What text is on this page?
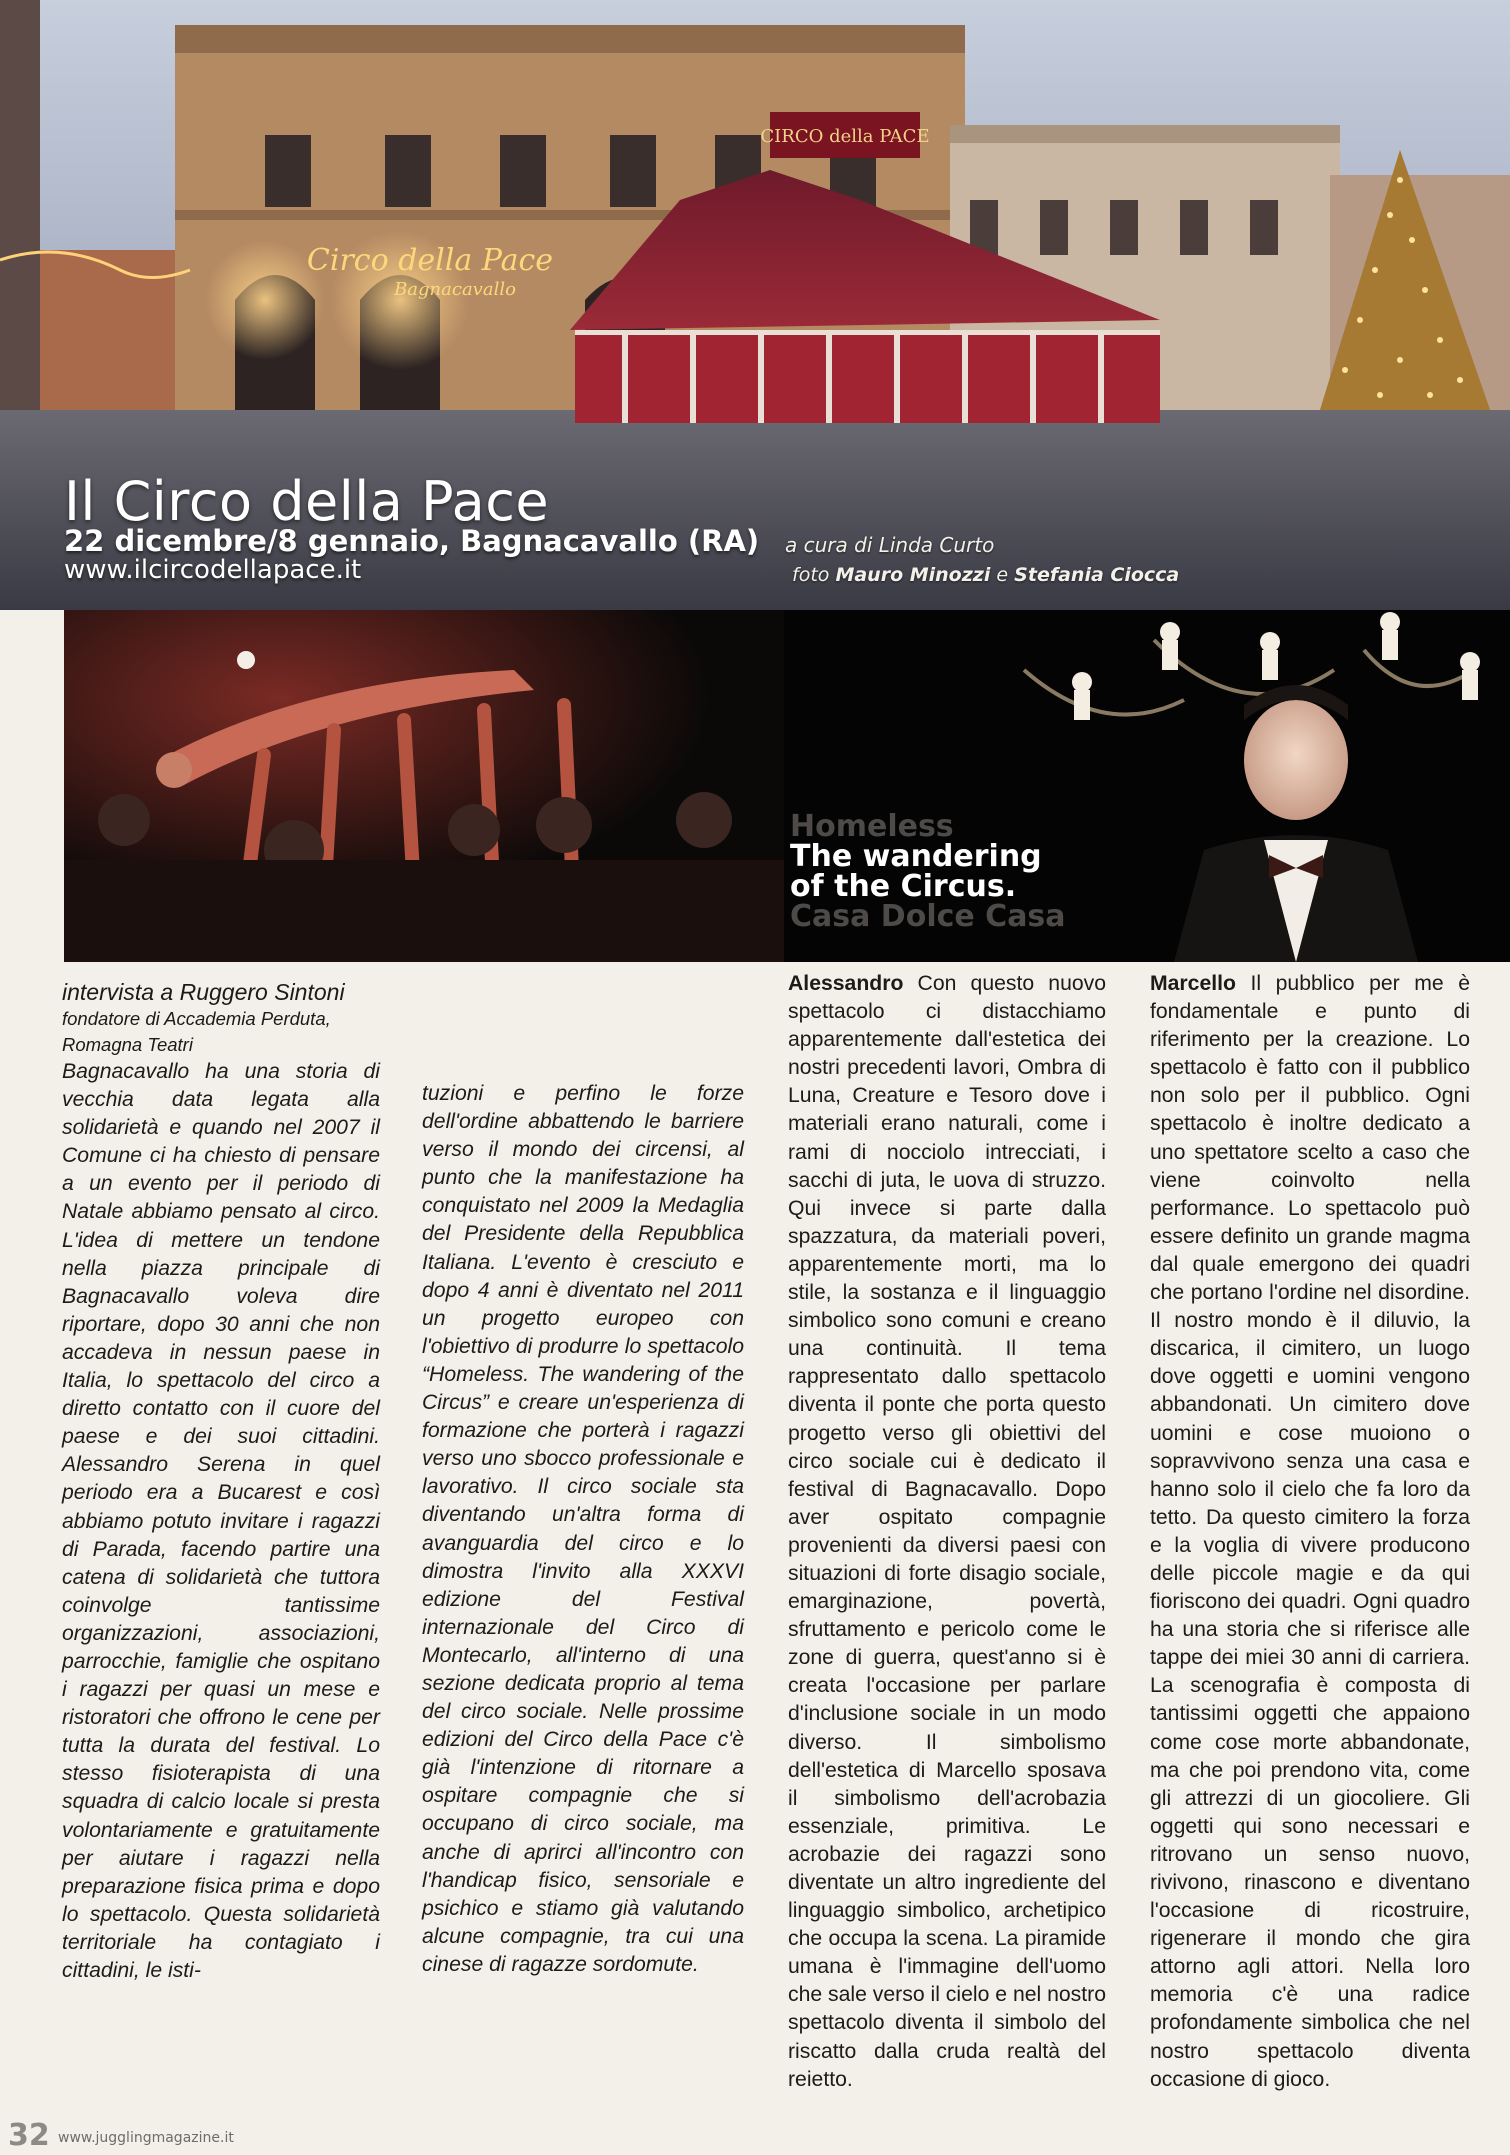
CIRCO della PACE
Circo della Pace
Bagnacavallo
Il Circo della Pace
22 dicembre/8 gennaio, Bagnacavallo (RA)
www.ilcircodellapace.it
a cura di Linda Curto
foto Mauro Minozzi e Stefania Ciocca
Homeless
The wandering
of the Circus.
Casa Dolce Casa

intervista a Ruggero Sintoni

fondatore di Accademia Perduta, Romagna Teatri

Bagnacavallo ha una storia di vecchia data legata alla solidarietà e quando nel 2007 il Comune ci ha chiesto di pensare a un evento per il periodo di Natale abbiamo pensato al circo. L'idea di mettere un tendone nella piazza principale di Bagnacavallo voleva dire riportare, dopo 30 anni che non accadeva in nessun paese in Italia, lo spettacolo del circo a diretto contatto con il cuore del paese e dei suoi cittadini. Alessandro Serena in quel periodo era a Bucarest e così abbiamo potuto invitare i ragazzi di Parada, facendo partire una catena di solidarietà che tuttora coinvolge tantissime organizzazioni, associazioni, parrocchie, famiglie che ospitano i ragazzi per quasi un mese e ristoratori che offrono le cene per tutta la durata del festival. Lo stesso fisioterapista di una squadra di calcio locale si presta volontariamente e gratuitamente per aiutare i ragazzi nella preparazione fisica prima e dopo lo spettacolo. Questa solidarietà territoriale ha contagiato i cittadini, le isti-

tuzioni e perfino le forze dell'ordine abbattendo le barriere verso il mondo dei circensi, al punto che la manifestazione ha conquistato nel 2009 la Medaglia del Presidente della Repubblica Italiana. L'evento è cresciuto e dopo 4 anni è diventato nel 2011 un progetto europeo con l'obiettivo di produrre lo spettacolo “Homeless. The wandering of the Circus” e creare un'esperienza di formazione che porterà i ragazzi verso uno sbocco professionale e lavorativo. Il circo sociale sta diventando un'altra forma di avanguardia del circo e lo dimostra l'invito alla XXXVI edizione del Festival internazionale del Circo di Montecarlo, all'interno di una sezione dedicata proprio al tema del circo sociale. Nelle prossime edizioni del Circo della Pace c'è già l'intenzione di ritornare a ospitare compagnie che si occupano di circo sociale, ma anche di aprirci all'incontro con l'handicap fisico, sensoriale e psichico e stiamo già valutando alcune compagnie, tra cui una cinese di ragazze sordomute.

Alessandro Con questo nuovo spettacolo ci distacchiamo apparentemente dall'estetica dei nostri precedenti lavori, Ombra di Luna, Creature e Tesoro dove i materiali erano naturali, come i rami di nocciolo intrecciati, i sacchi di juta, le uova di struzzo. Qui invece si parte dalla spazzatura, da materiali poveri, apparentemente morti, ma lo stile, la sostanza e il linguaggio simbolico sono comuni e creano una continuità. Il tema rappresentato dallo spettacolo diventa il ponte che porta questo progetto verso gli obiettivi del circo sociale cui è dedicato il festival di Bagnacavallo. Dopo aver ospitato compagnie provenienti da diversi paesi con situazioni di forte disagio sociale, emarginazione, povertà, sfruttamento e pericolo come le zone di guerra, quest'anno si è creata l'occasione per parlare d'inclusione sociale in un modo diverso. Il simbolismo dell'estetica di Marcello sposava il simbolismo dell'acrobazia essenziale, primitiva. Le acrobazie dei ragazzi sono diventate un altro ingrediente del linguaggio simbolico, archetipico che occupa la scena. La piramide umana è l'immagine dell'uomo che sale verso il cielo e nel nostro spettacolo diventa il simbolo del riscatto dalla cruda realtà del reietto.

Marcello Il pubblico per me è fondamentale e punto di riferimento per la creazione. Lo spettacolo è fatto con il pubblico non solo per il pubblico. Ogni spettacolo è inoltre dedicato a uno spettatore scelto a caso che viene coinvolto nella performance. Lo spettacolo può essere definito un grande magma dal quale emergono dei quadri che portano l'ordine nel disordine. Il nostro mondo è il diluvio, la discarica, il cimitero, un luogo dove oggetti e uomini vengono abbandonati. Un cimitero dove uomini e cose muoiono o sopravvivono senza una casa e hanno solo il cielo che fa loro da tetto. Da questo cimitero la forza e la voglia di vivere producono delle piccole magie e da qui fioriscono dei quadri. Ogni quadro ha una storia che si riferisce alle tappe dei miei 30 anni di carriera. La scenografia è composta di tantissimi oggetti che appaiono come cose morte abbandonate, ma che poi prendono vita, come gli attrezzi di un giocoliere. Gli oggetti qui sono necessari e ritrovano un senso nuovo, rivivono, rinascono e diventano l'occasione di ricostruire, rigenerare il mondo che gira attorno agli attori. Nella loro memoria c'è una radice profondamente simbolica che nel nostro spettacolo diventa occasione di gioco.

32 www.jugglingmagazine.it
